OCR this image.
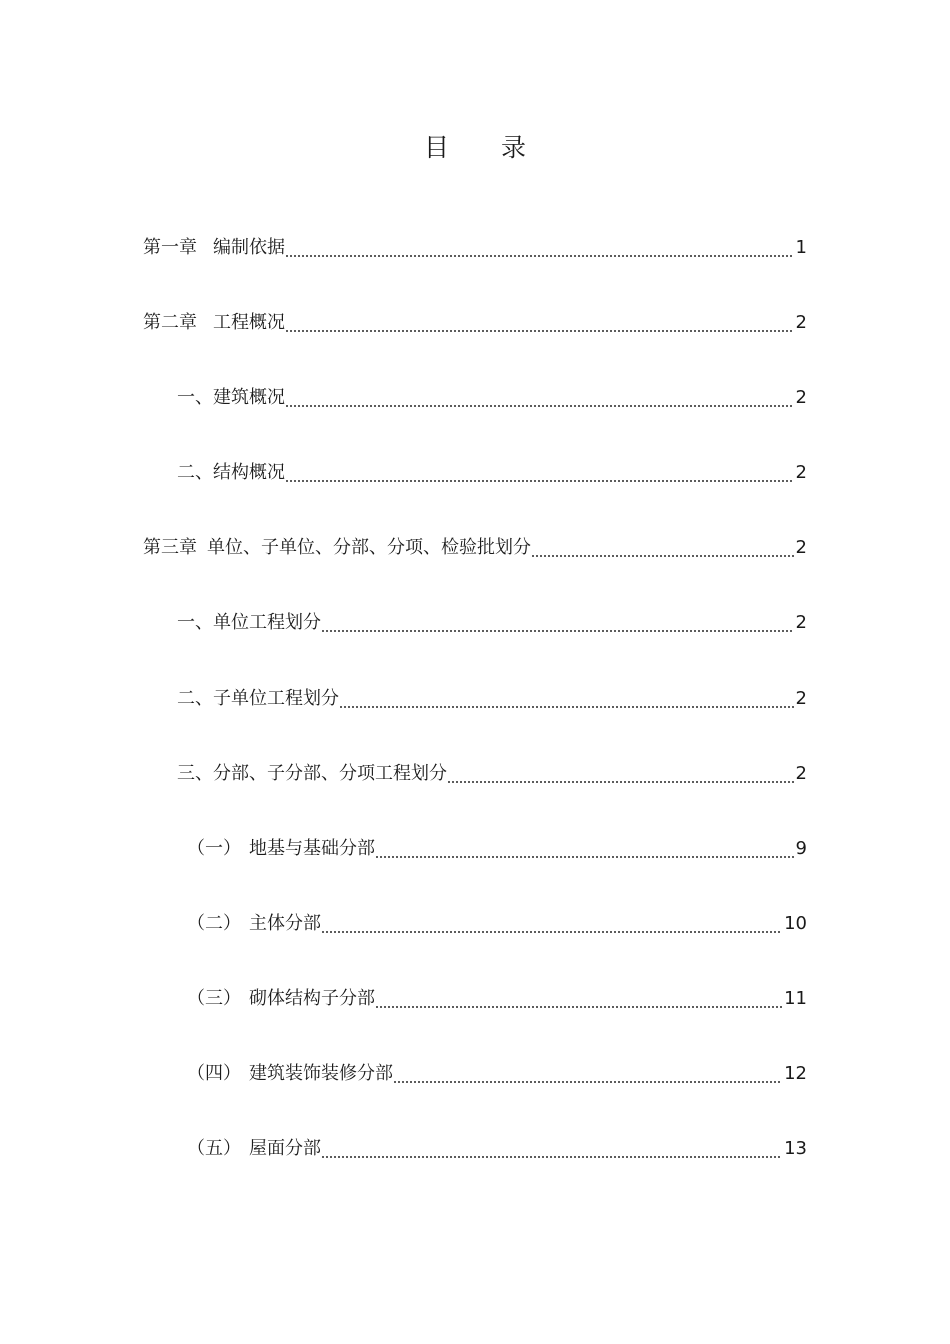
目 录
第一章 编制依据	1
第二章 工程概况	2
一、建筑概况	2
二、结构概况	2
第三章 单位、子单位、分部、分项、检验批划分	2
一、单位工程划分	2
二、子单位工程划分	2
三、分部、子分部、分项工程划分	2
（一） 地基与基础分部	9
（二） 主体分部	10
（三） 砌体结构子分部	11
（四） 建筑装饰装修分部	12
（五） 屋面分部	13
